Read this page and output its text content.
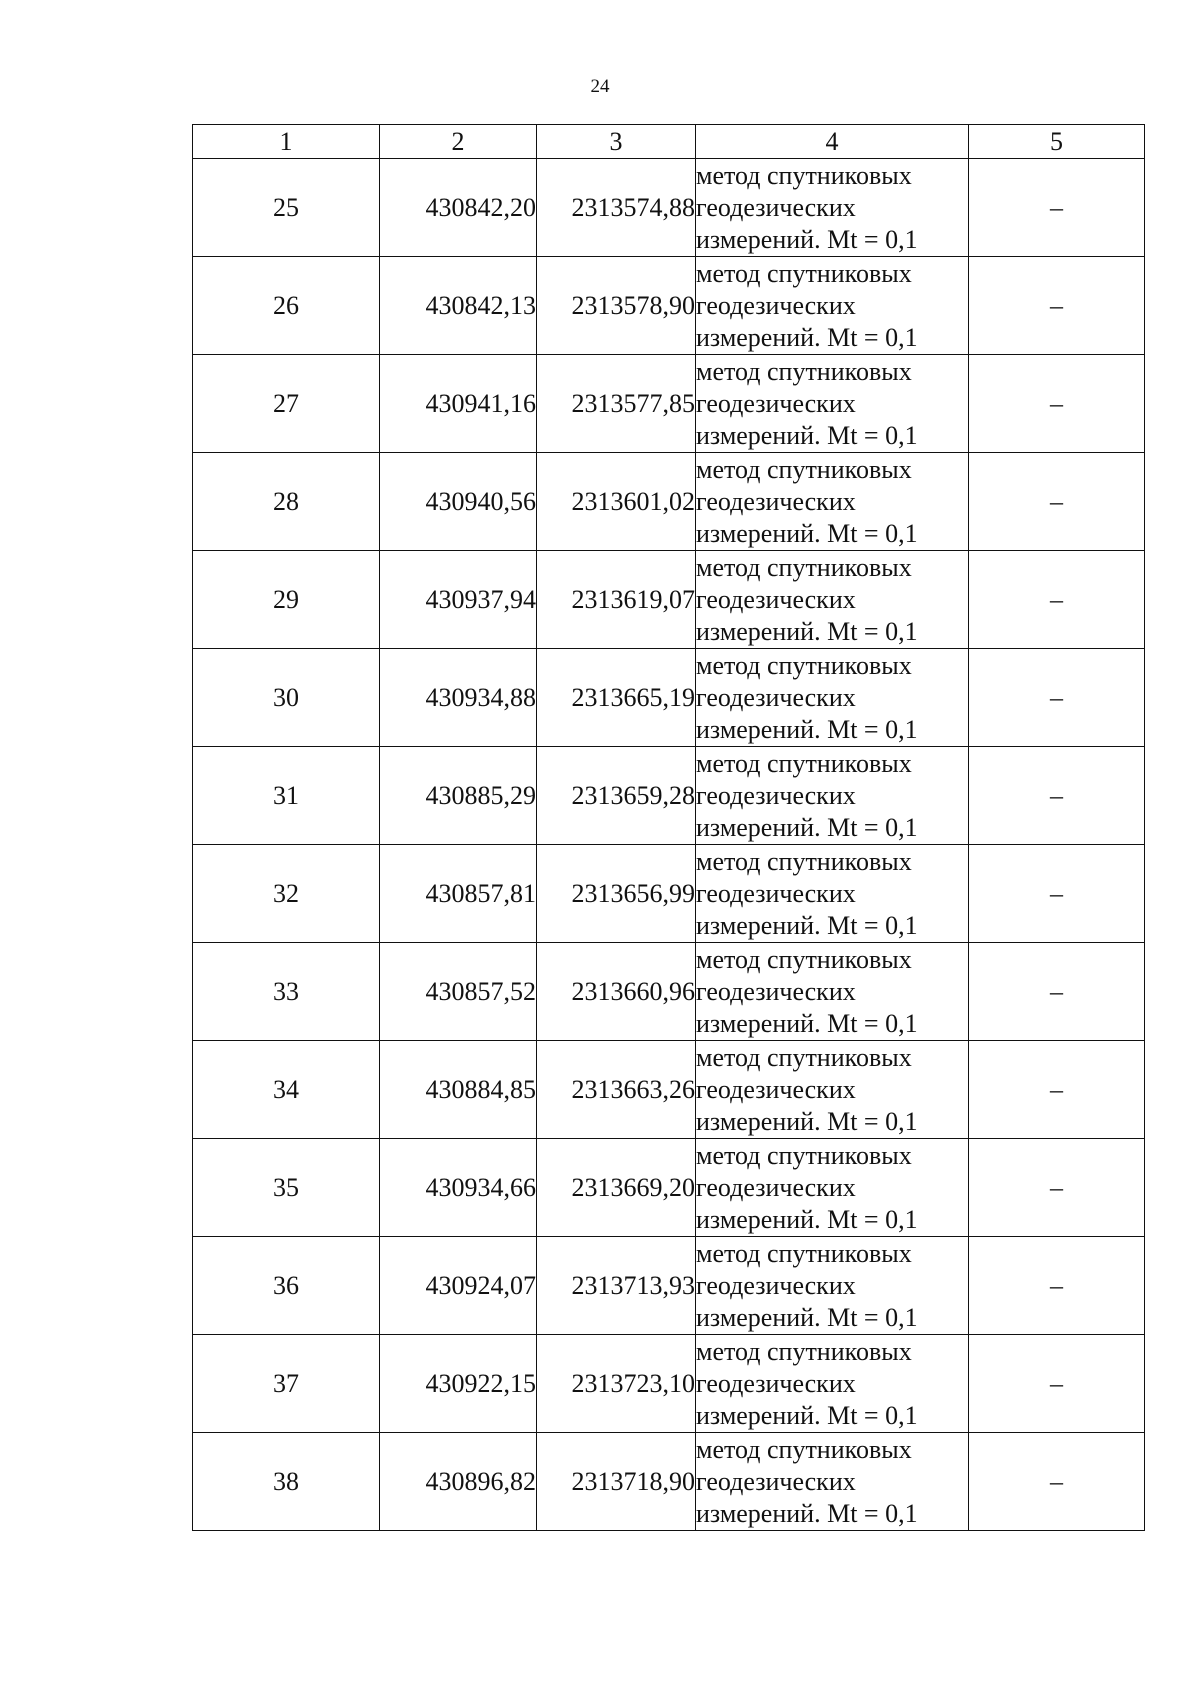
24
1	2	3	4	5
25	430842,20	2313574,88	метод спутниковых
геодезических
измерений. Mt = 0,1	–
26	430842,13	2313578,90	метод спутниковых
геодезических
измерений. Mt = 0,1	–
27	430941,16	2313577,85	метод спутниковых
геодезических
измерений. Mt = 0,1	–
28	430940,56	2313601,02	метод спутниковых
геодезических
измерений. Mt = 0,1	–
29	430937,94	2313619,07	метод спутниковых
геодезических
измерений. Mt = 0,1	–
30	430934,88	2313665,19	метод спутниковых
геодезических
измерений. Mt = 0,1	–
31	430885,29	2313659,28	метод спутниковых
геодезических
измерений. Mt = 0,1	–
32	430857,81	2313656,99	метод спутниковых
геодезических
измерений. Mt = 0,1	–
33	430857,52	2313660,96	метод спутниковых
геодезических
измерений. Mt = 0,1	–
34	430884,85	2313663,26	метод спутниковых
геодезических
измерений. Mt = 0,1	–
35	430934,66	2313669,20	метод спутниковых
геодезических
измерений. Mt = 0,1	–
36	430924,07	2313713,93	метод спутниковых
геодезических
измерений. Mt = 0,1	–
37	430922,15	2313723,10	метод спутниковых
геодезических
измерений. Mt = 0,1	–
38	430896,82	2313718,90	метод спутниковых
геодезических
измерений. Mt = 0,1	–
